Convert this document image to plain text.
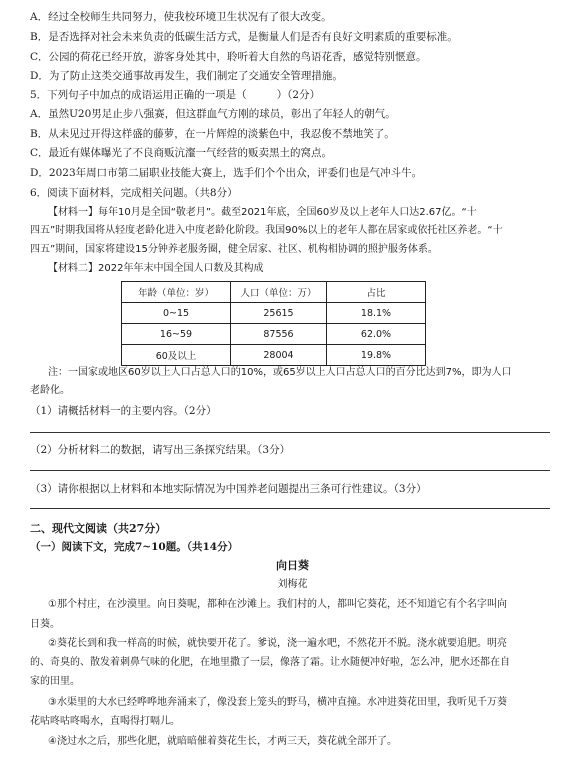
A．经过全校师生共同努力，使我校环境卫生状况有了很大改变。
B．是否选择对社会未来负责的低碳生活方式，是衡量人们是否有良好文明素质的重要标准。
C．公园的荷花已经开放，游客身处其中，聆听着大自然的鸟语花香，感觉特别惬意。
D．为了防止这类交通事故再发生，我们制定了交通安全管理措施。
5．下列句子中加点的成语运用正确的一项是（	）（2分）
A．虽然U20男足止步八强赛，但这群血气方刚的球员，彰出了年轻人的朝气。
B．从未见过开得这样盛的藤萝，在一片辉煌的淡紫色中，我忍俊不禁地笑了。
C．最近有媒体曝光了不良商贩沆瀣一气经营的贩卖黑土的窝点。
D．2023年周口市第二届职业技能大赛上，选手们个个出众，评委们也是气冲斗牛。
6．阅读下面材料，完成相关问题。（共8分）
【材料一】每年10月是全国“敬老月”。截至2021年底，全国60岁及以上老年人口达2.67亿。“十
四五”时期我国将从轻度老龄化进入中度老龄化阶段。我国90%以上的老年人都在居家或依托社区养老。“十
四五”期间，国家将建设15分钟养老服务圈，健全居家、社区、机构相协调的照护服务体系。
【材料二】2022年年末中国全国人口数及其构成
年龄（单位：岁）	人口（单位：万）	占比
0~15	25615	18.1%
16~59	87556	62.0%
60及以上	28004	19.8%
注：一国家或地区60岁以上人口占总人口的10%，或65岁以上人口占总人口的百分比达到7%，即为人口
老龄化。
（1）请概括材料一的主要内容。（2分）
（2）分析材料二的数据，请写出三条探究结果。（3分）
（3）请你根据以上材料和本地实际情况为中国养老问题提出三条可行性建议。（3分）
二、现代文阅读（共27分）
（一）阅读下文，完成7~10题。（共14分）
向日葵
刘梅花
①那个村庄，在沙漠里。向日葵呢，都种在沙滩上。我们村的人，都叫它葵花，还不知道它有个名字叫向
日葵。
②葵花长到和我一样高的时候，就快要开花了。爹说，浇一遍水吧，不然花开不脱。浇水就要追肥。明亮
的、奇臭的、散发着刺鼻气味的化肥，在地里撒了一层，像落了霜。让水随便冲好啦，怎么冲，肥水还都在自
家的田里。
③水渠里的大水已经哗哗地奔涌来了，像没套上笼头的野马，横冲直撞。水冲进葵花田里，我听见千万葵
花咕咚咕咚喝水，直喝得打嗝儿。
④浇过水之后，那些化肥，就暗暗催着葵花生长，才两三天，葵花就全部开了。
